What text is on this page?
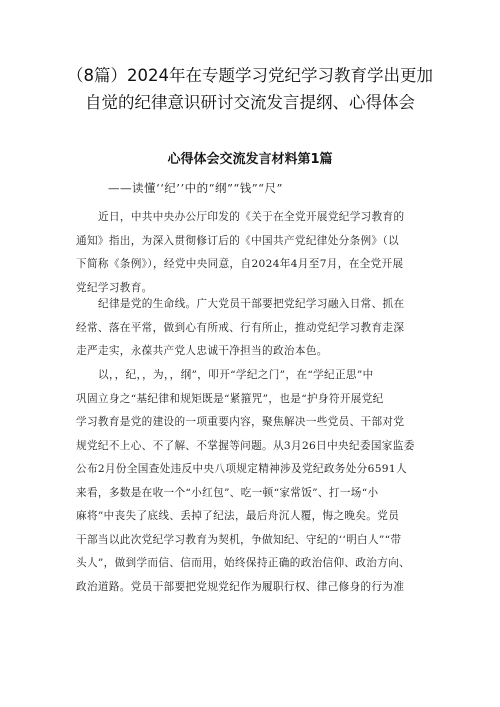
（8篇）2024年在专题学习党纪学习教育学出更加
自觉的纪律意识研讨交流发言提纲、心得体会
心得体会交流发言材料第1篇
——读懂‘‘纪’’中的“纲”“钱”“尺”

近日，中共中央办公厅印发的《关于在全党开展党纪学习教育的
通知》指出，为深入贯彻修订后的《中国共产党纪律处分条例》（以
下简称《条例》），经党中央同意，自2024年4月至7月，在全党开展
党纪学习教育。

纪律是党的生命线。广大党员干部要把党纪学习融入日常、抓在
经常、落在平常，做到心有所戒、行有所止，推动党纪学习教育走深
走严走实，永葆共产党人忠诚干净担当的政治本色。

以，，纪，，为，，纲”，叩开“学纪之门”，在“学纪正思”中
巩固立身之“基纪律和规矩既是“紧箍咒”，也是“护身符开展党纪
学习教育是党的建设的一项重要内容，聚焦解决一些党员、干部对党
规党纪不上心、不了解、不掌握等问题。从3月26日中央纪委国家监委
公布2月份全国查处违反中央八项规定精神涉及党纪政务处分6591人
来看，多数是在收一个“小红包”、吃一顿“家常饭”、打一场“小
麻将”中丧失了底线、丢掉了纪法，最后舟沉人覆，悔之晚矣。党员
干部当以此次党纪学习教育为契机，争做知纪、守纪的‘‘明白人”“带
头人”，做到学而信、信而用，始终保持正确的政治信仰、政治方向、
政治道路。党员干部要把党规党纪作为履职行权、律己修身的行为准
